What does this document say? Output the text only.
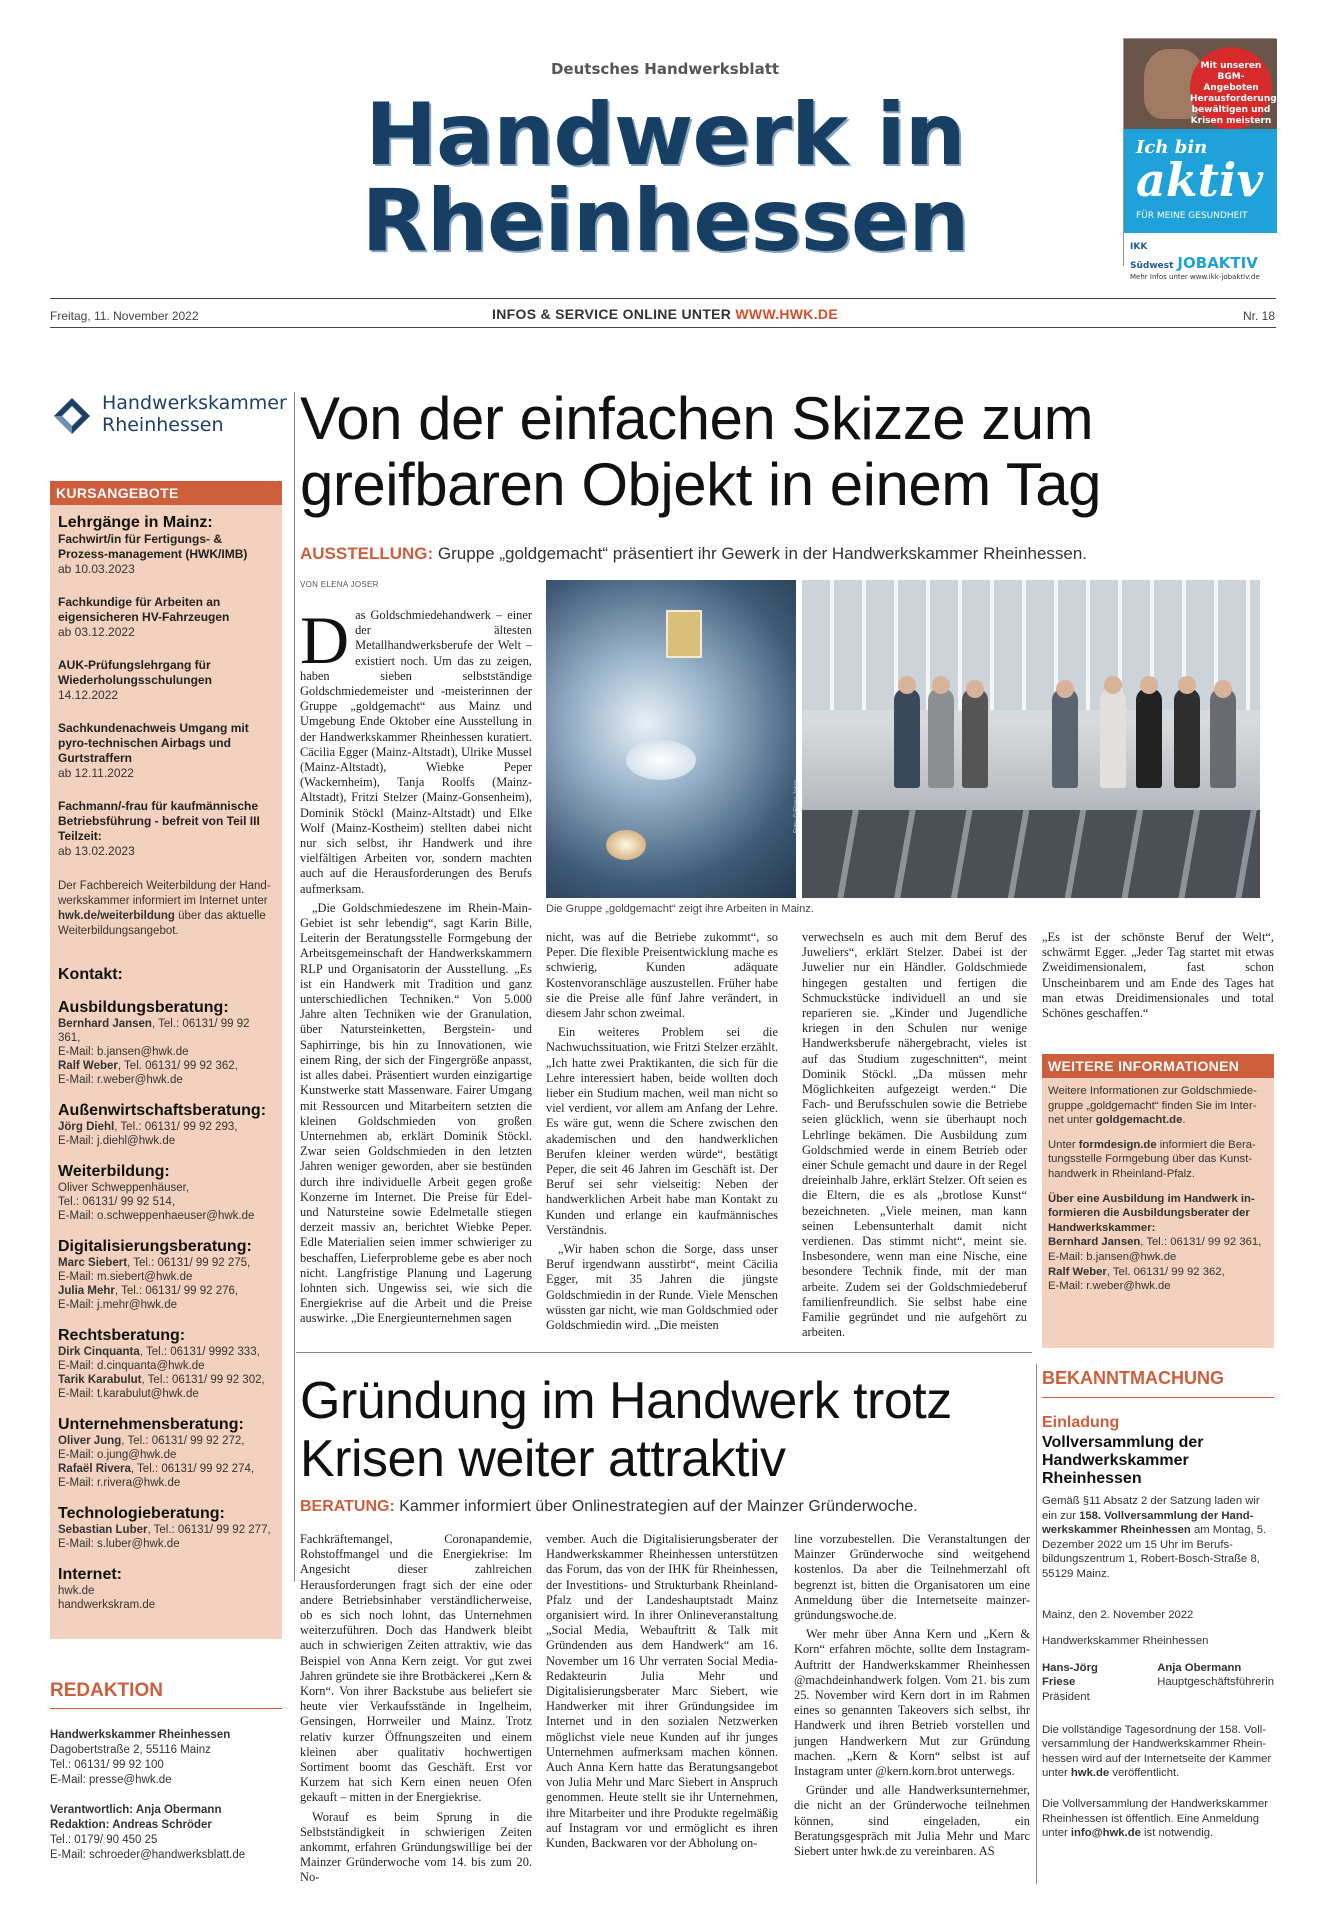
Deutsches Handwerksblatt
Handwerk in
Rheinhessen
Mit unseren BGM-Angeboten Herausforderungen bewältigen und Krisen meistern
Ich bin
aktiv
FÜR MEINE GESUNDHEIT
IKK Südwest JOBAKTIV
Mehr Infos unter www.ikk-jobaktiv.de
Freitag, 11. November 2022	INFOS & SERVICE ONLINE UNTER WWW.HWK.DE	Nr. 18
Handwerkskammer
Rheinhessen
KURSANGEBOTE
Lehrgänge in Mainz:
Fachwirt/in für Fertigungs- & Prozess-management (HWK/IMB)
ab 10.03.2023
Fachkundige für Arbeiten an eigensicheren HV-Fahrzeugen
ab 03.12.2022
AUK-Prüfungslehrgang für Wiederholungsschulungen
14.12.2022
Sachkundenachweis Umgang mit pyro-technischen Airbags und Gurtstraffern
ab 12.11.2022
Fachmann/-frau für kaufmännische Betriebsführung - befreit von Teil III Teilzeit:
ab 13.02.2023
Der Fachbereich Weiterbildung der Hand-werkskammer informiert im Internet unter hwk.de/weiterbildung über das aktuelle Weiterbildungsangebot.
Kontakt:
Ausbildungsberatung:
Bernhard Jansen, Tel.: 06131/ 99 92 361,
E-Mail: b.jansen@hwk.de
Ralf Weber, Tel. 06131/ 99 92 362,
E-Mail: r.weber@hwk.de
Außenwirtschaftsberatung:
Jörg Diehl, Tel.: 06131/ 99 92 293,
E-Mail: j.diehl@hwk.de
Weiterbildung:
Oliver Schweppenhäuser,
Tel.: 06131/ 99 92 514,
E-Mail: o.schweppenhaeuser@hwk.de
Digitalisierungsberatung:
Marc Siebert, Tel.: 06131/ 99 92 275,
E-Mail: m.siebert@hwk.de
Julia Mehr, Tel.: 06131/ 99 92 276,
E-Mail: j.mehr@hwk.de
Rechtsberatung:
Dirk Cinquanta, Tel.: 06131/ 9992 333,
E-Mail: d.cinquanta@hwk.de
Tarik Karabulut, Tel.: 06131/ 99 92 302,
E-Mail: t.karabulut@hwk.de
Unternehmensberatung:
Oliver Jung, Tel.: 06131/ 99 92 272,
E-Mail: o.jung@hwk.de
Rafaël Rivera, Tel.: 06131/ 99 92 274,
E-Mail: r.rivera@hwk.de
Technologieberatung:
Sebastian Luber, Tel.: 06131/ 99 92 277,
E-Mail: s.luber@hwk.de
Internet:
hwk.de
handwerkskram.de
REDAKTION
Handwerkskammer Rheinhessen
Dagobertstraße 2, 55116 Mainz
Tel.: 06131/ 99 92 100
E-Mail: presse@hwk.de
Verantwortlich: Anja Obermann
Redaktion: Andreas Schröder
Tel.: 0179/ 90 450 25
E-Mail: schroeder@handwerksblatt.de
Von der einfachen Skizze zum greifbaren Objekt in einem Tag
AUSSTELLUNG: Gruppe „goldgemacht“ präsentiert ihr Gewerk in der Handwerkskammer Rheinhessen.
VON ELENA JOSER

Das Goldschmiedehandwerk – einer der ältesten Metallhandwerksberufe der Welt – existiert noch. Um das zu zeigen, haben sieben selbstständige Goldschmiedemeister und -meisterinnen der Gruppe „goldgemacht“ aus Mainz und Umgebung Ende Oktober eine Ausstellung in der Handwerkskammer Rheinhessen kuratiert. Cäcilia Egger (Mainz-Altstadt), Ulrike Mussel (Mainz-Altstadt), Wiebke Peper (Wackernheim), Tanja Roolfs (Mainz-Altstadt), Fritzi Stelzer (Mainz-Gonsenheim), Dominik Stöckl (Mainz-Altstadt) und Elke Wolf (Mainz-Kostheim) stellten dabei nicht nur sich selbst, ihr Handwerk und ihre vielfältigen Arbeiten vor, sondern machten auch auf die Herausforderungen des Berufs aufmerksam.

„Die Goldschmiedeszene im Rhein-Main-Gebiet ist sehr lebendig“, sagt Karin Bille, Leiterin der Beratungsstelle Formgebung der Arbeitsgemeinschaft der Handwerkskammern RLP und Organisatorin der Ausstellung. „Es ist ein Handwerk mit Tradition und ganz unterschiedlichen Techniken.“ Von 5.000 Jahre alten Techniken wie der Granulation, über Natursteinketten, Bergstein- und Saphirringe, bis hin zu Innovationen, wie einem Ring, der sich der Fingergröße anpasst, ist alles dabei. Präsentiert wurden einzigartige Kunstwerke statt Massenware. Fairer Umgang mit Ressourcen und Mitarbeitern setzten die kleinen Goldschmieden von großen Unternehmen ab, erklärt Dominik Stöckl. Zwar seien Goldschmieden in den letzten Jahren weniger geworden, aber sie bestünden durch ihre individuelle Arbeit gegen große Konzerne im Internet. Die Preise für Edel- und Natursteine sowie Edelmetalle stiegen derzeit massiv an, berichtet Wiebke Peper. Edle Materialien seien immer schwieriger zu beschaffen, Lieferprobleme gebe es aber noch nicht. Langfristige Planung und Lagerung lohnten sich. Ungewiss sei, wie sich die Energiekrise auf die Arbeit und die Preise auswirke. „Die Energieunternehmen sagen

Foto: © Elena Joser
Die Gruppe „goldgemacht“ zeigt ihre Arbeiten in Mainz.

nicht, was auf die Betriebe zukommt“, so Peper. Die flexible Preisentwicklung mache es schwierig, Kunden adäquate Kostenvoranschläge auszustellen. Früher habe sie die Preise alle fünf Jahre verändert, in diesem Jahr schon zweimal.

Ein weiteres Problem sei die Nachwuchssituation, wie Fritzi Stelzer erzählt. „Ich hatte zwei Praktikanten, die sich für die Lehre interessiert haben, beide wollten doch lieber ein Studium machen, weil man nicht so viel verdient, vor allem am Anfang der Lehre. Es wäre gut, wenn die Schere zwischen den akademischen und den handwerklichen Berufen kleiner werden würde“, bestätigt Peper, die seit 46 Jahren im Geschäft ist. Der Beruf sei sehr vielseitig: Neben der handwerklichen Arbeit habe man Kontakt zu Kunden und erlange ein kaufmännisches Verständnis.

„Wir haben schon die Sorge, dass unser Beruf irgendwann ausstirbt“, meint Cäcilia Egger, mit 35 Jahren die jüngste Goldschmiedin in der Runde. Viele Menschen wüssten gar nicht, wie man Goldschmied oder Goldschmiedin wird. „Die meisten

verwechseln es auch mit dem Beruf des Juweliers“, erklärt Stelzer. Dabei ist der Juwelier nur ein Händler. Goldschmiede hingegen gestalten und fertigen die Schmuckstücke individuell an und sie reparieren sie. „Kinder und Jugendliche kriegen in den Schulen nur wenige Handwerksberufe nähergebracht, vieles ist auf das Studium zugeschnitten“, meint Dominik Stöckl. „Da müssen mehr Möglichkeiten aufgezeigt werden.“ Die Fach- und Berufsschulen sowie die Betriebe seien glücklich, wenn sie überhaupt noch Lehrlinge bekämen. Die Ausbildung zum Goldschmied werde in einem Betrieb oder einer Schule gemacht und daure in der Regel dreieinhalb Jahre, erklärt Stelzer. Oft seien es die Eltern, die es als „brotlose Kunst“ bezeichneten. „Viele meinen, man kann seinen Lebensunterhalt damit nicht verdienen. Das stimmt nicht“, meint sie. Insbesondere, wenn man eine Nische, eine besondere Technik finde, mit der man arbeite. Zudem sei der Goldschmiedeberuf familienfreundlich. Sie selbst habe eine Familie gegründet und nie aufgehört zu arbeiten.

„Es ist der schönste Beruf der Welt“, schwärmt Egger. „Jeder Tag startet mit etwas Zweidimensionalem, fast schon Unscheinbarem und am Ende des Tages hat man etwas Dreidimensionales und total Schönes geschaffen.“

WEITERE INFORMATIONEN

Weitere Informationen zur Goldschmiede-gruppe „goldgemacht“ finden Sie im Inter-net unter goldgemacht.de.

Unter formdesign.de informiert die Bera-tungsstelle Formgebung über das Kunst-handwerk in Rheinland-Pfalz.

Über eine Ausbildung im Handwerk in-formieren die Ausbildungsberater der Handwerkskammer:

Bernhard Jansen, Tel.: 06131/ 99 92 361,
E-Mail: b.jansen@hwk.de
Ralf Weber, Tel. 06131/ 99 92 362,
E-Mail: r.weber@hwk.de
Gründung im Handwerk trotz Krisen weiter attraktiv
BERATUNG: Kammer informiert über Onlinestrategien auf der Mainzer Gründerwoche.

Fachkräftemangel, Coronapandemie, Rohstoffmangel und die Energiekrise: Im Angesicht dieser zahlreichen Herausforderungen fragt sich der eine oder andere Betriebsinhaber verständlicherweise, ob es sich noch lohnt, das Unternehmen weiterzuführen. Doch das Handwerk bleibt auch in schwierigen Zeiten attraktiv, wie das Beispiel von Anna Kern zeigt. Vor gut zwei Jahren gründete sie ihre Brotbäckerei „Kern & Korn“. Von ihrer Backstube aus beliefert sie heute vier Verkaufsstände in Ingelheim, Gensingen, Horrweiler und Mainz. Trotz relativ kurzer Öffnungszeiten und einem kleinen aber qualitativ hochwertigen Sortiment boomt das Geschäft. Erst vor Kurzem hat sich Kern einen neuen Ofen gekauft – mitten in der Energiekrise.

Worauf es beim Sprung in die Selbstständigkeit in schwierigen Zeiten ankommt, erfahren Gründungswillige bei der Mainzer Gründerwoche vom 14. bis zum 20. No-

vember. Auch die Digitalisierungsberater der Handwerkskammer Rheinhessen unterstützen das Forum, das von der IHK für Rheinhessen, der Investitions- und Strukturbank Rheinland-Pfalz und der Landeshauptstadt Mainz organisiert wird. In ihrer Onlineveranstaltung „Social Media, Webauftritt & Talk mit Gründenden aus dem Handwerk“ am 16. November um 16 Uhr verraten Social Media-Redakteurin Julia Mehr und Digitalisierungsberater Marc Siebert, wie Handwerker mit ihrer Gründungsidee im Internet und in den sozialen Netzwerken möglichst viele neue Kunden auf ihr junges Unternehmen aufmerksam machen können. Auch Anna Kern hatte das Beratungsangebot von Julia Mehr und Marc Siebert in Anspruch genommen. Heute stellt sie ihr Unternehmen, ihre Mitarbeiter und ihre Produkte regelmäßig auf Instagram vor und ermöglicht es ihren Kunden, Backwaren vor der Abholung on-

line vorzubestellen. Die Veranstaltungen der Mainzer Gründerwoche sind weitgehend kostenlos. Da aber die Teilnehmerzahl oft begrenzt ist, bitten die Organisatoren um eine Anmeldung über die Internetseite mainzer-gründungswoche.de.

Wer mehr über Anna Kern und „Kern & Korn“ erfahren möchte, sollte dem Instagram-Auftritt der Handwerkskammer Rheinhessen @machdeinhandwerk folgen. Vom 21. bis zum 25. November wird Kern dort in im Rahmen eines so genannten Takeovers sich selbst, ihr Handwerk und ihren Betrieb vorstellen und jungen Handwerkern Mut zur Gründung machen. „Kern & Korn“ selbst ist auf Instagram unter @kern.korn.brot unterwegs.

Gründer und alle Handwerksunternehmer, die nicht an der Gründerwoche teilnehmen können, sind eingeladen, ein Beratungsgespräch mit Julia Mehr und Marc Siebert unter hwk.de zu vereinbaren. AS

BEKANNTMACHUNG
Einladung
Vollversammlung der Handwerkskammer Rheinhessen
Gemäß §11 Absatz 2 der Satzung laden wir ein zur 158. Vollversammlung der Hand-werkskammer Rheinhessen am Montag, 5. Dezember 2022 um 15 Uhr im Berufs-bildungszentrum 1, Robert-Bosch-Straße 8, 55129 Mainz.
Mainz, den 2. November 2022
Handwerkskammer Rheinhessen
Hans-Jörg Friese
Präsident
Anja Obermann
Hauptgeschäftsführerin
Die vollständige Tagesordnung der 158. Voll-versammlung der Handwerkskammer Rhein-hessen wird auf der Internetseite der Kammer unter hwk.de veröffentlicht.
Die Vollversammlung der Handwerkskammer Rheinhessen ist öffentlich. Eine Anmeldung unter info@hwk.de ist notwendig.
